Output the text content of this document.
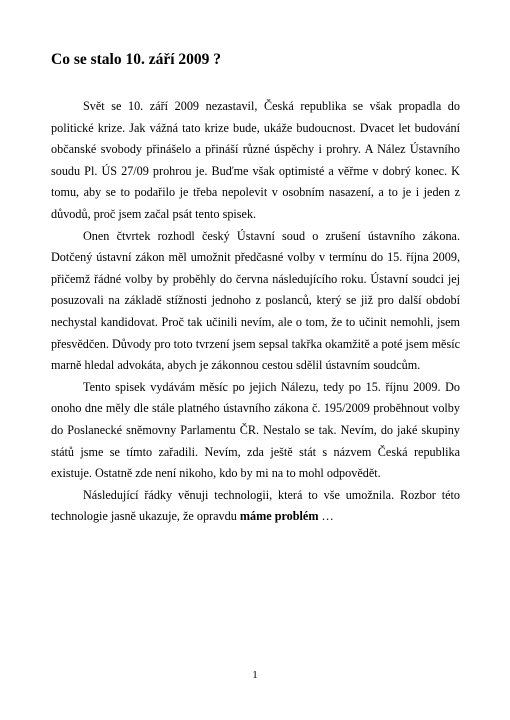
Co se stalo 10. září 2009 ?

Svět se 10. září 2009 nezastavil, Česká republika se však propadla do politické krize. Jak vážná tato krize bude, ukáže budoucnost. Dvacet let budování občanské svobody přinášelo a přináší různé úspěchy i prohry. A Nález Ústavního soudu Pl. ÚS 27/09 prohrou je. Buďme však optimisté a věřme v dobrý konec. K tomu, aby se to podařilo je třeba nepolevit v osobním nasazení, a to je i jeden z důvodů, proč jsem začal psát tento spisek.

Onen čtvrtek rozhodl český Ústavní soud o zrušení ústavního zákona. Dotčený ústavní zákon měl umožnit předčasné volby v termínu do 15. října 2009, přičemž řádné volby by proběhly do června následujícího roku. Ústavní soudci jej posuzovali na základě stížnosti jednoho z poslanců, který se již pro další období nechystal kandidovat. Proč tak učinili nevím, ale o tom, že to učinit nemohli, jsem přesvědčen. Důvody pro toto tvrzení jsem sepsal takřka okamžitě a poté jsem měsíc marně hledal advokáta, abych je zákonnou cestou sdělil ústavním soudcům.

Tento spisek vydávám měsíc po jejich Nálezu, tedy po 15. říjnu 2009. Do onoho dne měly dle stále platného ústavního zákona č. 195/2009 proběhnout volby do Poslanecké sněmovny Parlamentu ČR. Nestalo se tak. Nevím, do jaké skupiny států jsme se tímto zařadili. Nevím, zda ještě stát s názvem Česká republika existuje. Ostatně zde není nikoho, kdo by mi na to mohl odpovědět.

Následující řádky věnuji technologii, která to vše umožnila. Rozbor této technologie jasně ukazuje, že opravdu máme problém …

1
